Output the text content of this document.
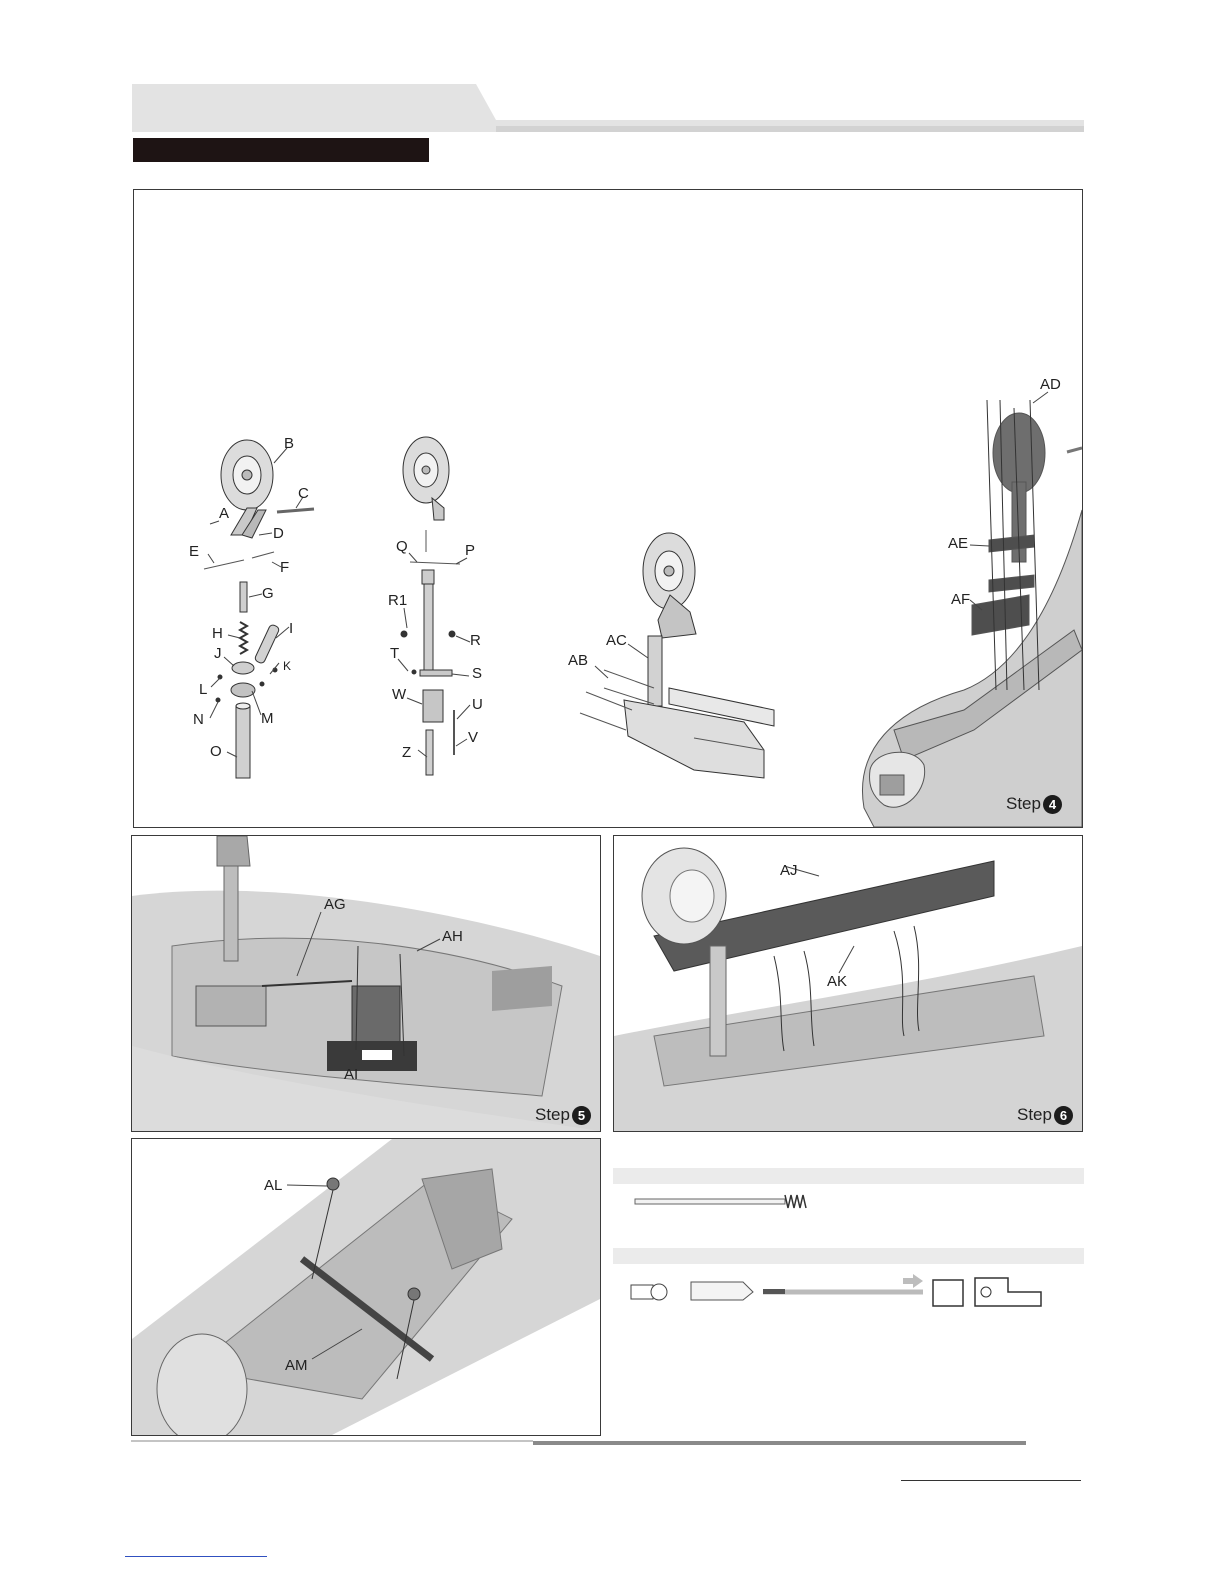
B
C
A
D
E
F
G
H	I
J
K
L
M
N
O
Q	P
R1
R
T
S
W
U
V
Z
AC
AB
AD
AE
AF
Step 4
AG
AH
AI
Step 5
AJ
AK
Step 6
AL
AM
